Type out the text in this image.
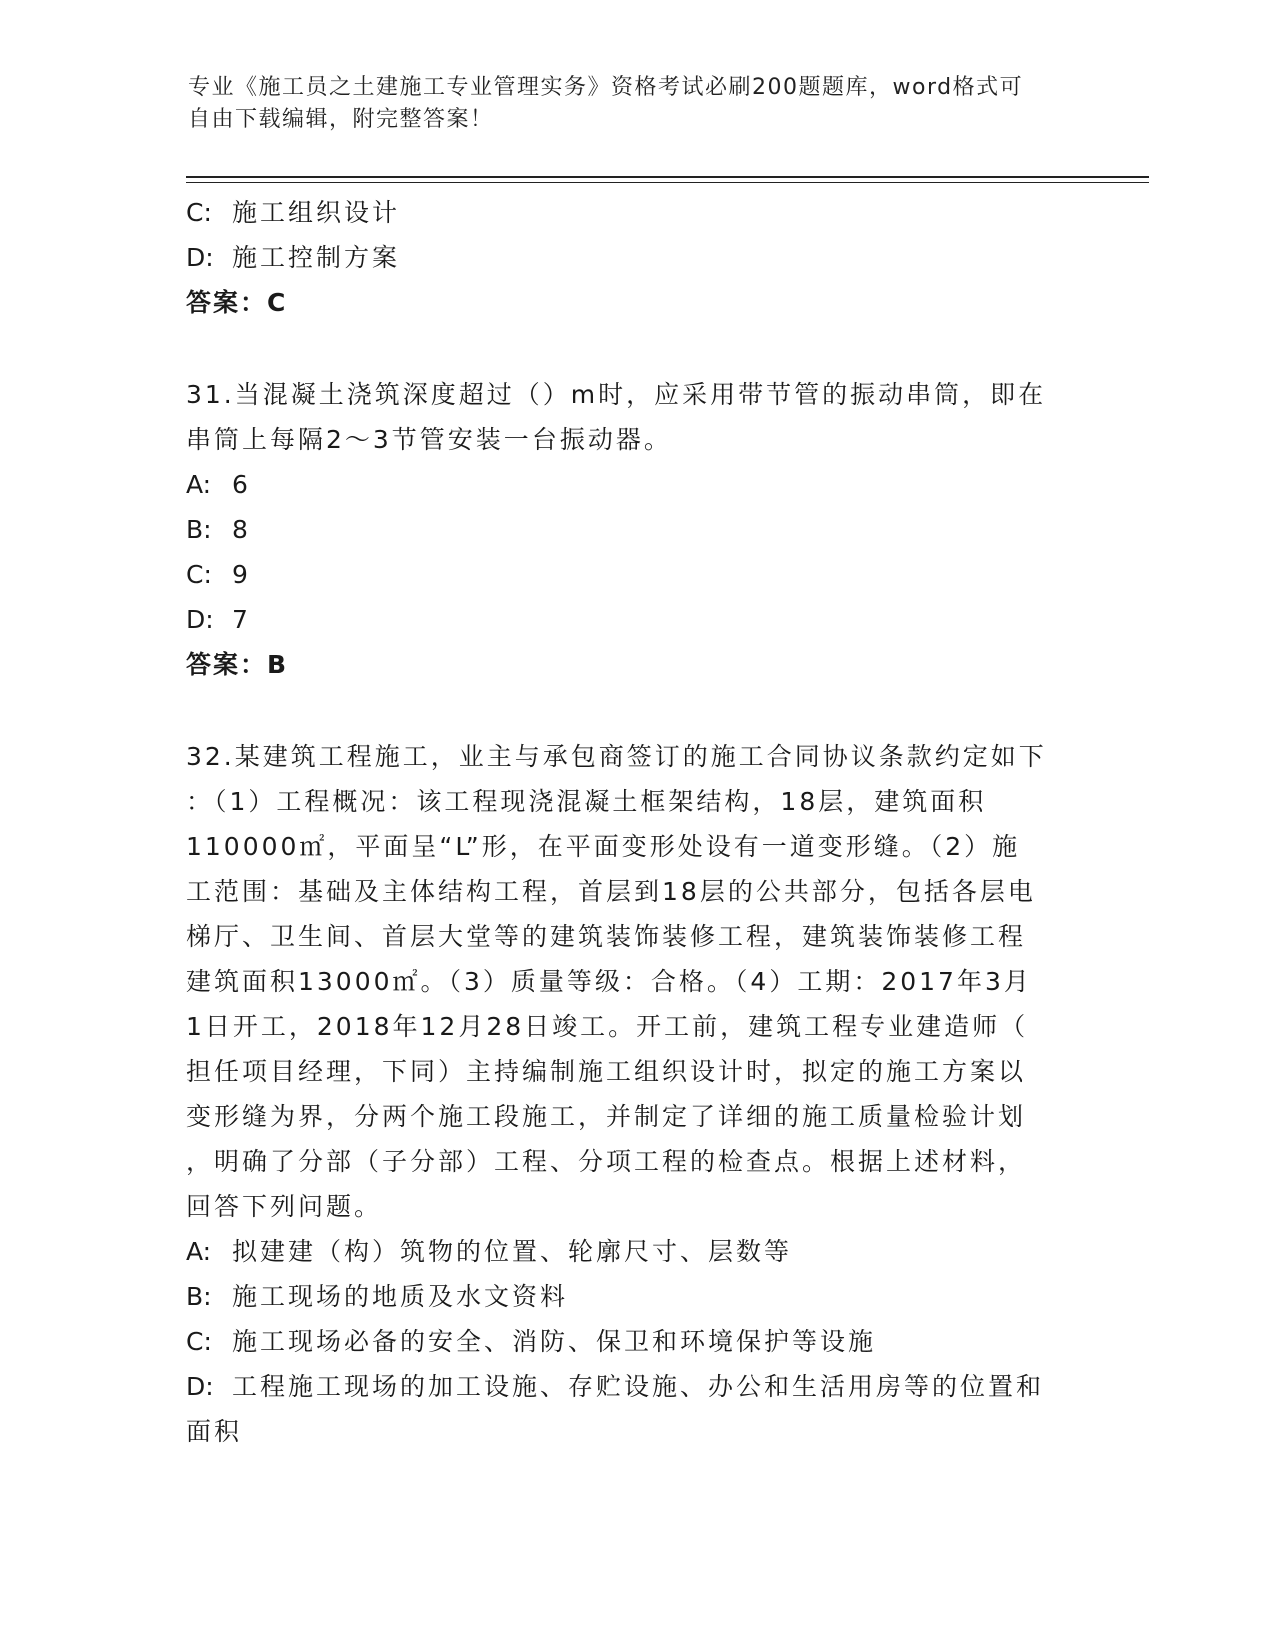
专业《施工员之土建施工专业管理实务》资格考试必刷200题题库，word格式可
自由下载编辑，附完整答案！
C: 施工组织设计
D: 施工控制方案
答案：C
31.当混凝土浇筑深度超过（）m时，应采用带节管的振动串筒，即在
串筒上每隔2～3节管安装一台振动器。
A: 6
B: 8
C: 9
D: 7
答案：B
32.某建筑工程施工，业主与承包商签订的施工合同协议条款约定如下
：（1）工程概况：该工程现浇混凝土框架结构，18层，建筑面积
110000㎡，平面呈“L”形，在平面变形处设有一道变形缝。（2）施
工范围：基础及主体结构工程，首层到18层的公共部分，包括各层电
梯厅、卫生间、首层大堂等的建筑装饰装修工程，建筑装饰装修工程
建筑面积13000㎡。（3）质量等级：合格。（4）工期：2017年3月
1日开工，2018年12月28日竣工。开工前，建筑工程专业建造师（
担任项目经理，下同）主持编制施工组织设计时，拟定的施工方案以
变形缝为界，分两个施工段施工，并制定了详细的施工质量检验计划
，明确了分部（子分部）工程、分项工程的检查点。根据上述材料，
回答下列问题。
A: 拟建建（构）筑物的位置、轮廓尺寸、层数等
B: 施工现场的地质及水文资料
C: 施工现场必备的安全、消防、保卫和环境保护等设施
D: 工程施工现场的加工设施、存贮设施、办公和生活用房等的位置和
面积
